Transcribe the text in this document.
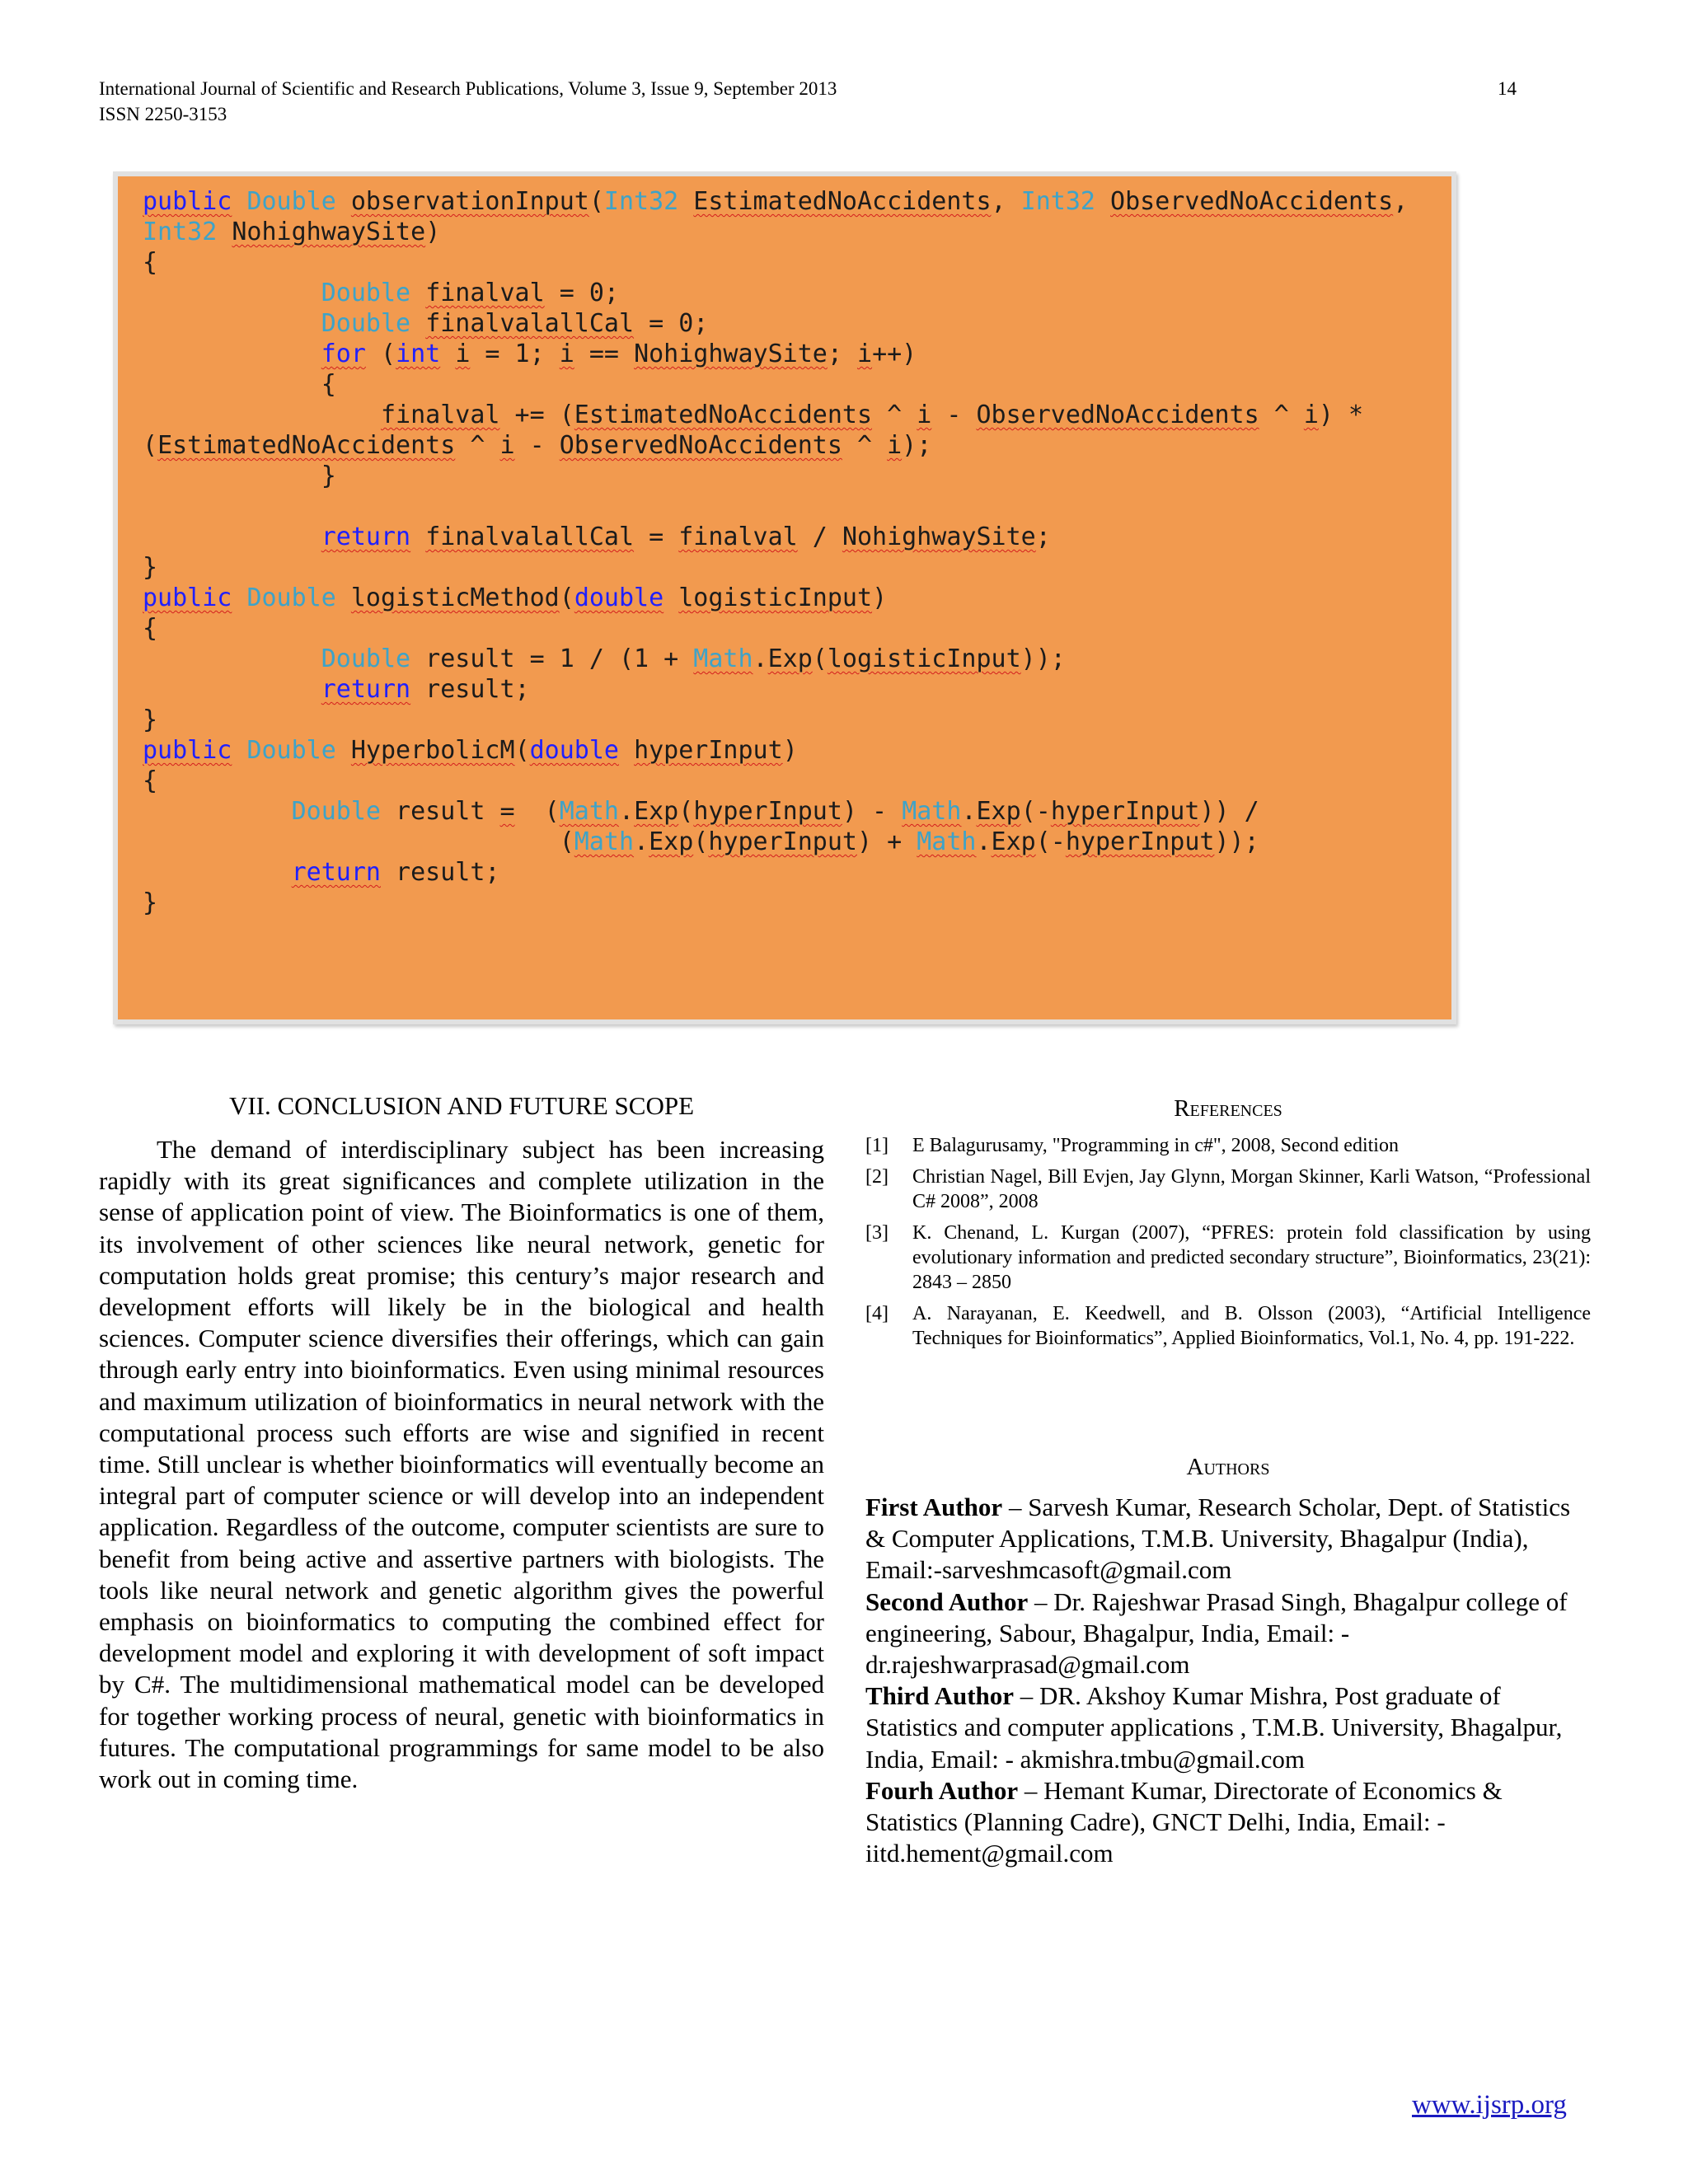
International Journal of Scientific and Research Publications, Volume 3, Issue 9, September 2013
ISSN 2250-3153
14
public Double observationInput(Int32 EstimatedNoAccidents, Int32 ObservedNoAccidents,
Int32 NohighwaySite)
{
Double finalval = 0;
Double finalvalallCal = 0;
for (int i = 1; i == NohighwaySite; i++)
{
finalval += (EstimatedNoAccidents ^ i - ObservedNoAccidents ^ i) *
(EstimatedNoAccidents ^ i - ObservedNoAccidents ^ i);
}

return finalvalallCal = finalval / NohighwaySite;
}
public Double logisticMethod(double logisticInput)
{
Double result = 1 / (1 + Math.Exp(logisticInput));
return result;
}
public Double HyperbolicM(double hyperInput)
{
Double result =  (Math.Exp(hyperInput) - Math.Exp(-hyperInput)) /
(Math.Exp(hyperInput) + Math.Exp(-hyperInput));
return result;
}

VII. CONCLUSION AND FUTURE SCOPE

The demand of interdisciplinary subject has been increasing rapidly with its great significances and complete utilization in the sense of application point of view. The Bioinformatics is one of them, its involvement of other sciences like neural network, genetic for computation holds great promise; this century’s major research and development efforts will likely be in the biological and health sciences. Computer science diversifies their offerings, which can gain through early entry into bioinformatics. Even using minimal resources and maximum utilization of bioinformatics in neural network with the computational process such efforts are wise and signified in recent time. Still unclear is whether bioinformatics will eventually become an integral part of computer science or will develop into an independent application. Regardless of the outcome, computer scientists are sure to benefit from being active and assertive partners with biologists. The tools like neural network and genetic algorithm gives the powerful emphasis on bioinformatics to computing the combined effect for development model and exploring it with development of soft impact by C#. The multidimensional mathematical model can be developed for together working process of neural, genetic with bioinformatics in futures. The computational programmings for same model to be also work out in coming time.

References
[1] E Balagurusamy, "Programming in c#", 2008, Second edition
[2] Christian Nagel, Bill Evjen, Jay Glynn, Morgan Skinner, Karli Watson, “Professional C# 2008”, 2008
[3] K. Chenand, L. Kurgan (2007), “PFRES: protein fold classification by using evolutionary information and predicted secondary structure”, Bioinformatics, 23(21): 2843 – 2850
[4] A. Narayanan, E. Keedwell, and B. Olsson (2003), “Artificial Intelligence Techniques for Bioinformatics”, Applied Bioinformatics, Vol.1, No. 4, pp. 191-222.
Authors

First Author – Sarvesh Kumar, Research Scholar, Dept. of Statistics & Computer Applications, T.M.B. University, Bhagalpur (India), Email:-sarveshmcasoft@gmail.com

Second Author – Dr. Rajeshwar Prasad Singh, Bhagalpur college of engineering, Sabour, Bhagalpur, India, Email: - dr.rajeshwarprasad@gmail.com

Third Author – DR. Akshoy Kumar Mishra, Post graduate of Statistics and computer applications , T.M.B. University, Bhagalpur, India, Email: - akmishra.tmbu@gmail.com

Fourh Author – Hemant Kumar, Directorate of Economics & Statistics (Planning Cadre), GNCT Delhi, India, Email: - iitd.hement@gmail.com

www.ijsrp.org
